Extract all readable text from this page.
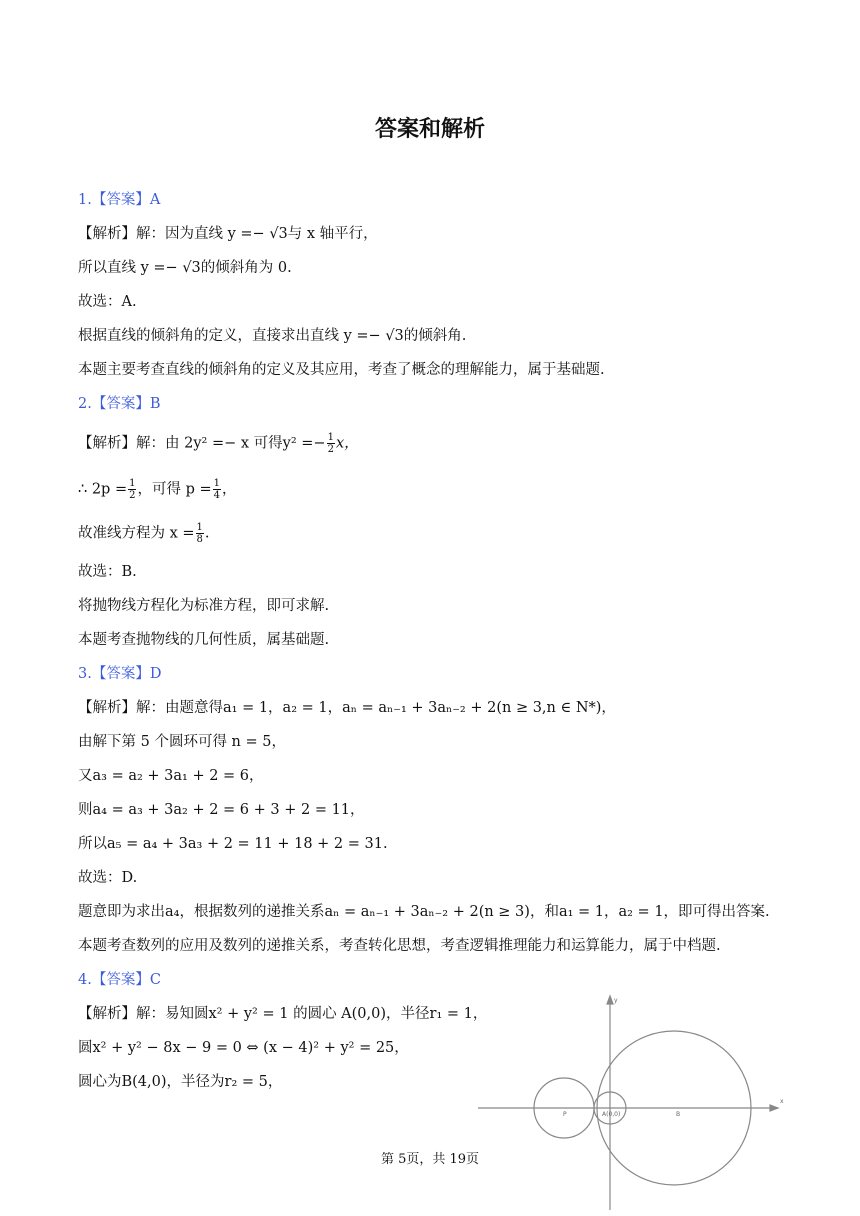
答案和解析
1.【答案】A
【解析】解：因为直线 y =− √3与 x 轴平行，
所以直线 y =− √3的倾斜角为 0.
故选：A.
根据直线的倾斜角的定义，直接求出直线 y =− √3的倾斜角.
本题主要考查直线的倾斜角的定义及其应用，考查了概念的理解能力，属于基础题.
2.【答案】B
【解析】解：由 2y² =− x 可得$y^2 =- \frac{1}{2}$ x，
∴ $2p = \frac{1}{2}$ ，可得 $p = \frac{1}{4}$ ，
故准线方程为 $x = \frac{1}{8}$ .
故选：B.
将抛物线方程化为标准方程，即可求解.
本题考查抛物线的几何性质，属基础题.
3.【答案】D
【解析】解：由题意得a₁ = 1，a₂ = 1，aₙ = aₙ₋₁ + 3aₙ₋₂ + 2(n ≥ 3,n ∈ N*)，
由解下第 5 个圆环可得 n = 5，
又a₃ = a₂ + 3a₁ + 2 = 6，
则a₄ = a₃ + 3a₂ + 2 = 6 + 3 + 2 = 11，
所以a₅ = a₄ + 3a₃ + 2 = 11 + 18 + 2 = 31.
故选：D.
题意即为求出a₄，根据数列的递推关系aₙ = aₙ₋₁ + 3aₙ₋₂ + 2(n ≥ 3)，和a₁ = 1，a₂ = 1，即可得出答案.
本题考查数列的应用及数列的递推关系，考查转化思想，考查逻辑推理能力和运算能力，属于中档题.
4.【答案】C
【解析】解：易知圆x² + y² = 1 的圆心 A(0,0)，半径r₁ = 1，
圆x² + y² − 8x − 9 = 0 ⇔ (x − 4)² + y² = 25，
圆心为B(4,0)，半径为r₂ = 5，
x
y
P	A(0,0)	B
第 5页，共 19页
